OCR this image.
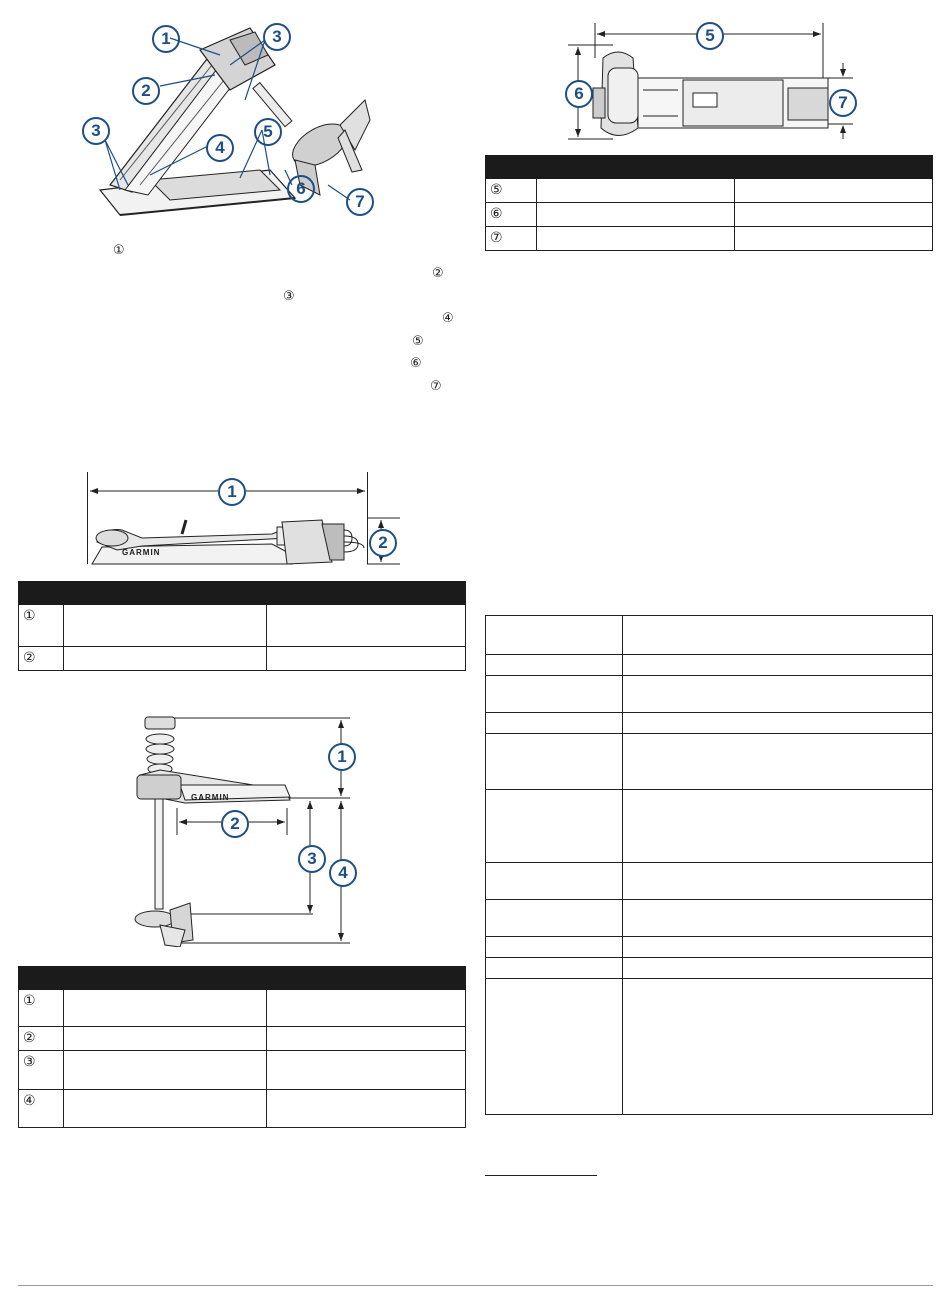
1
2
3
3
4
5
6
7
①
②
③
④
⑤
⑥
⑦
GARMIN
1
2

①		
②		
GARMIN
1
2
3
4

①		
②		
③		
④		
5
6	7

⑤		
⑥		
⑦		
